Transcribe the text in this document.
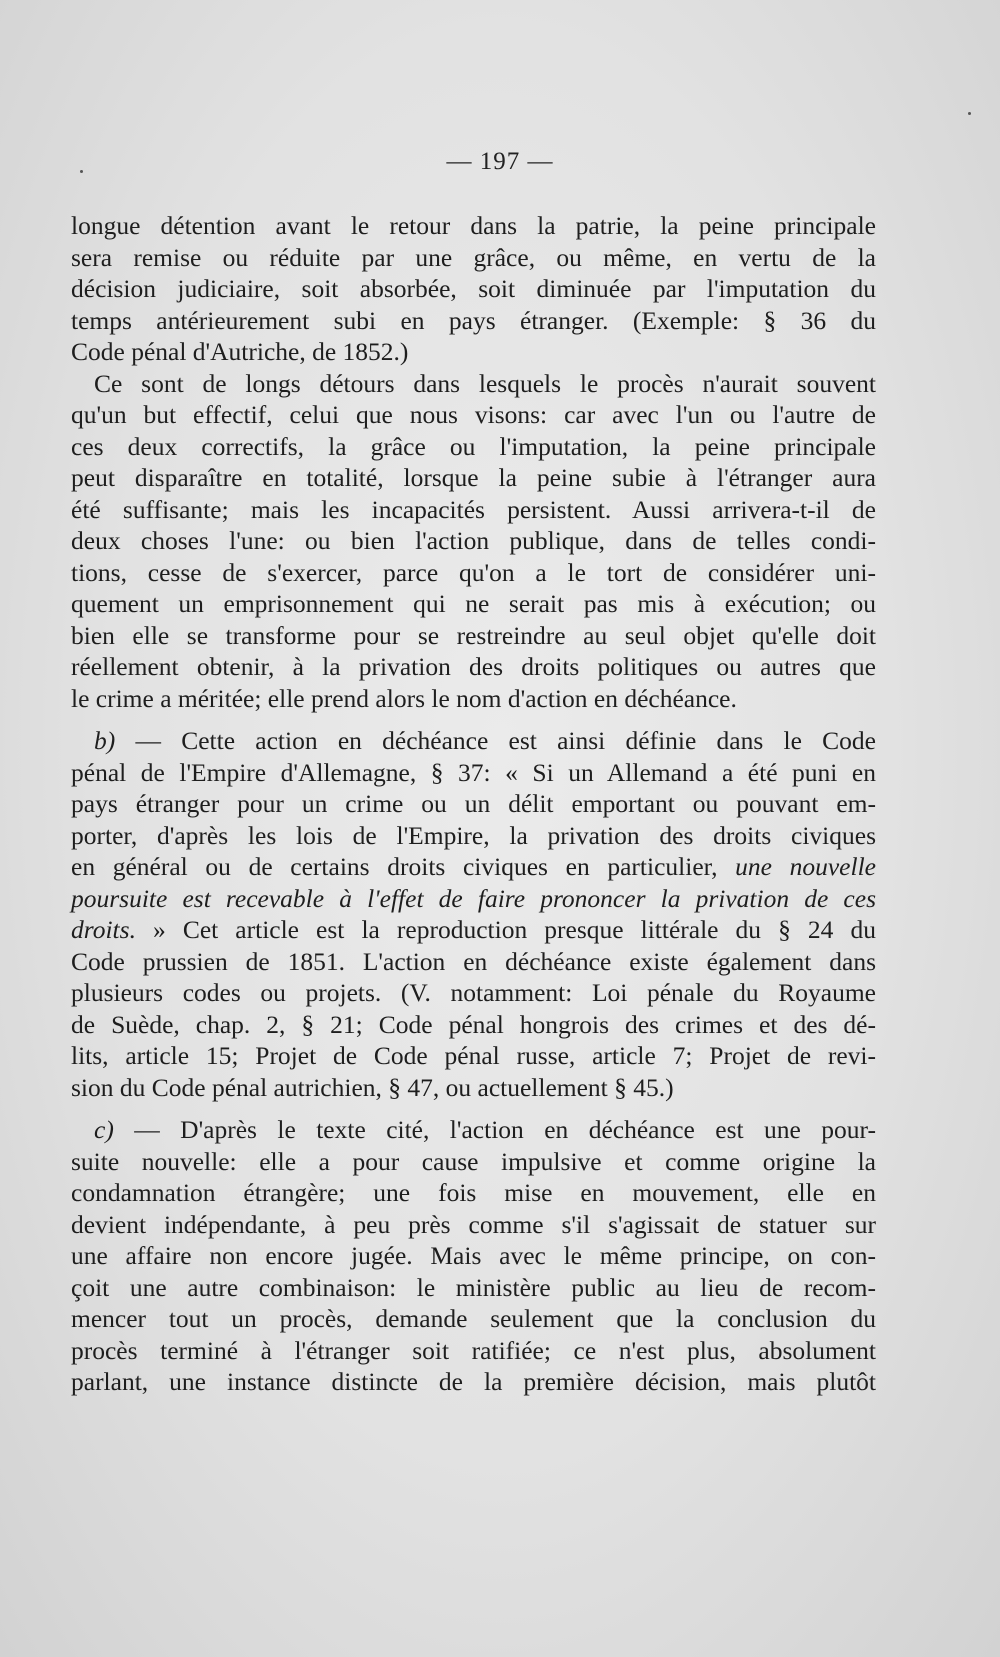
— 197 —
longue détention avant le retour dans la patrie, la peine principale
sera remise ou réduite par une grâce, ou même, en vertu de la
décision judiciaire, soit absorbée, soit diminuée par l'imputation du
temps antérieurement subi en pays étranger. (Exemple: § 36 du
Code pénal d'Autriche, de 1852.)
Ce sont de longs détours dans lesquels le procès n'aurait souvent
qu'un but effectif, celui que nous visons: car avec l'un ou l'autre de
ces deux correctifs, la grâce ou l'imputation, la peine principale
peut disparaître en totalité, lorsque la peine subie à l'étranger aura
été suffisante; mais les incapacités persistent. Aussi arrivera-t-il de
deux choses l'une: ou bien l'action publique, dans de telles condi-
tions, cesse de s'exercer, parce qu'on a le tort de considérer uni-
quement un emprisonnement qui ne serait pas mis à exécution; ou
bien elle se transforme pour se restreindre au seul objet qu'elle doit
réellement obtenir, à la privation des droits politiques ou autres que
le crime a méritée; elle prend alors le nom d'action en déchéance.
b) — Cette action en déchéance est ainsi définie dans le Code
pénal de l'Empire d'Allemagne, § 37: « Si un Allemand a été puni en
pays étranger pour un crime ou un délit emportant ou pouvant em-
porter, d'après les lois de l'Empire, la privation des droits civiques
en général ou de certains droits civiques en particulier, une nouvelle
poursuite est recevable à l'effet de faire prononcer la privation de ces
droits. » Cet article est la reproduction presque littérale du § 24 du
Code prussien de 1851. L'action en déchéance existe également dans
plusieurs codes ou projets. (V. notamment: Loi pénale du Royaume
de Suède, chap. 2, § 21; Code pénal hongrois des crimes et des dé-
lits, article 15; Projet de Code pénal russe, article 7; Projet de revi-
sion du Code pénal autrichien, § 47, ou actuellement § 45.)
c) — D'après le texte cité, l'action en déchéance est une pour-
suite nouvelle: elle a pour cause impulsive et comme origine la
condamnation étrangère; une fois mise en mouvement, elle en
devient indépendante, à peu près comme s'il s'agissait de statuer sur
une affaire non encore jugée. Mais avec le même principe, on con-
çoit une autre combinaison: le ministère public au lieu de recom-
mencer tout un procès, demande seulement que la conclusion du
procès terminé à l'étranger soit ratifiée; ce n'est plus, absolument
parlant, une instance distincte de la première décision, mais plutôt
